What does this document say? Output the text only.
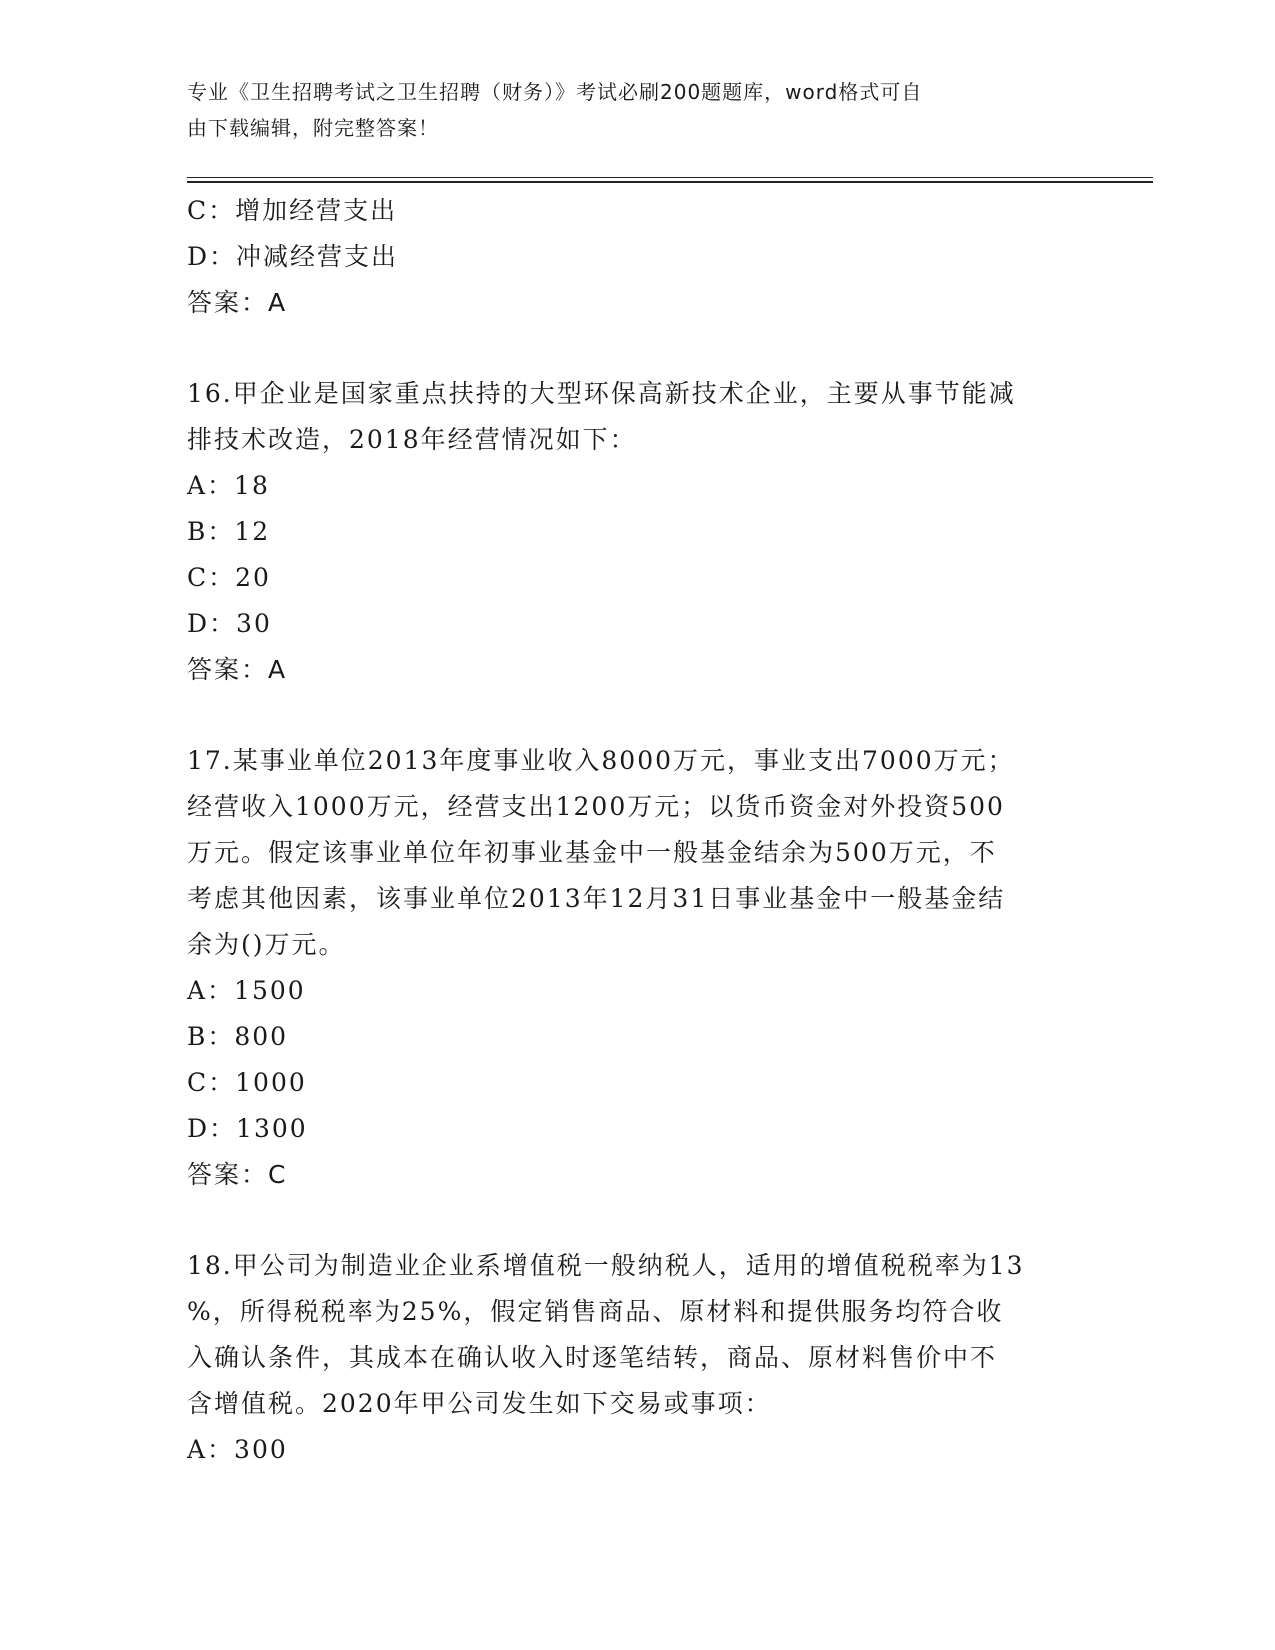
专业《卫生招聘考试之卫生招聘（财务）》考试必刷200题题库，word格式可自
由下载编辑，附完整答案！
C：增加经营支出
D：冲减经营支出
答案：A
16.甲企业是国家重点扶持的大型环保高新技术企业，主要从事节能减
排技术改造，2018年经营情况如下：
A：18
B：12
C：20
D：30
答案：A
17.某事业单位2013年度事业收入8000万元，事业支出7000万元；
经营收入1000万元，经营支出1200万元；以货币资金对外投资500
万元。假定该事业单位年初事业基金中一般基金结余为500万元，不
考虑其他因素，该事业单位2013年12月31日事业基金中一般基金结
余为()万元。
A：1500
B：800
C：1000
D：1300
答案：C
18.甲公司为制造业企业系增值税一般纳税人，适用的增值税税率为13
%，所得税税率为25%，假定销售商品、原材料和提供服务均符合收
入确认条件，其成本在确认收入时逐笔结转，商品、原材料售价中不
含增值税。2020年甲公司发生如下交易或事项：
A：300
